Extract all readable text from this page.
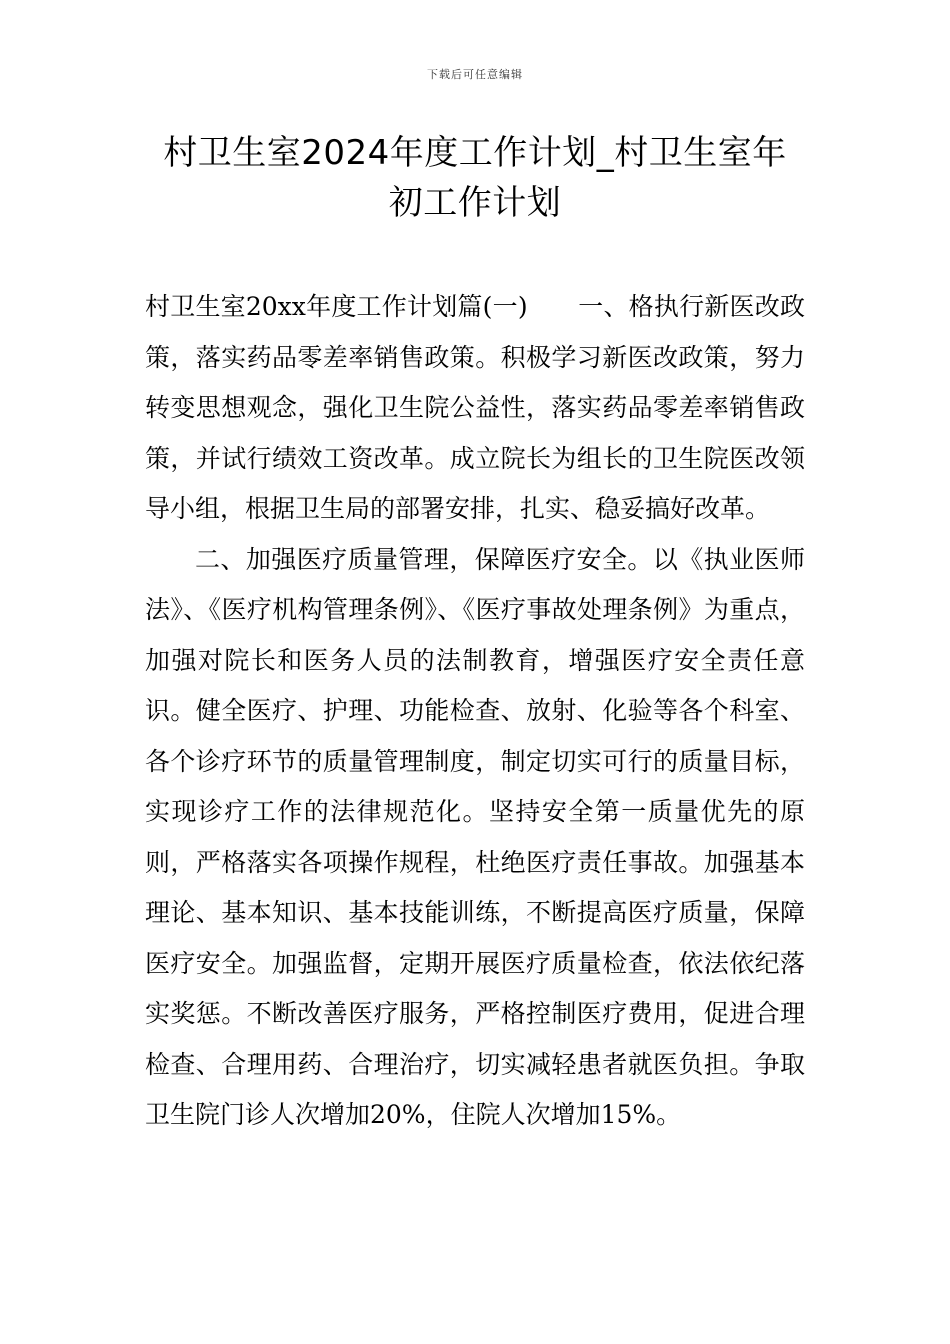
下载后可任意编辑
村卫生室2024年度工作计划_村卫生室年
初工作计划

村卫生室20xx年度工作计划篇(一)　　一、格执行新医改政策，落实药品零差率销售政策。积极学习新医改政策，努力转变思想观念，强化卫生院公益性，落实药品零差率销售政策，并试行绩效工资改革。成立院长为组长的卫生院医改领导小组，根据卫生局的部署安排，扎实、稳妥搞好改革。

二、加强医疗质量管理，保障医疗安全。以《执业医师法》、《医疗机构管理条例》、《医疗事故处理条例》为重点，加强对院长和医务人员的法制教育，增强医疗安全责任意识。健全医疗、护理、功能检查、放射、化验等各个科室、各个诊疗环节的质量管理制度，制定切实可行的质量目标，实现诊疗工作的法律规范化。坚持安全第一质量优先的原则，严格落实各项操作规程，杜绝医疗责任事故。加强基本理论、基本知识、基本技能训练，不断提高医疗质量，保障医疗安全。加强监督，定期开展医疗质量检查，依法依纪落实奖惩。不断改善医疗服务，严格控制医疗费用，促进合理检查、合理用药、合理治疗，切实减轻患者就医负担。争取卫生院门诊人次增加20%，住院人次增加15%。
